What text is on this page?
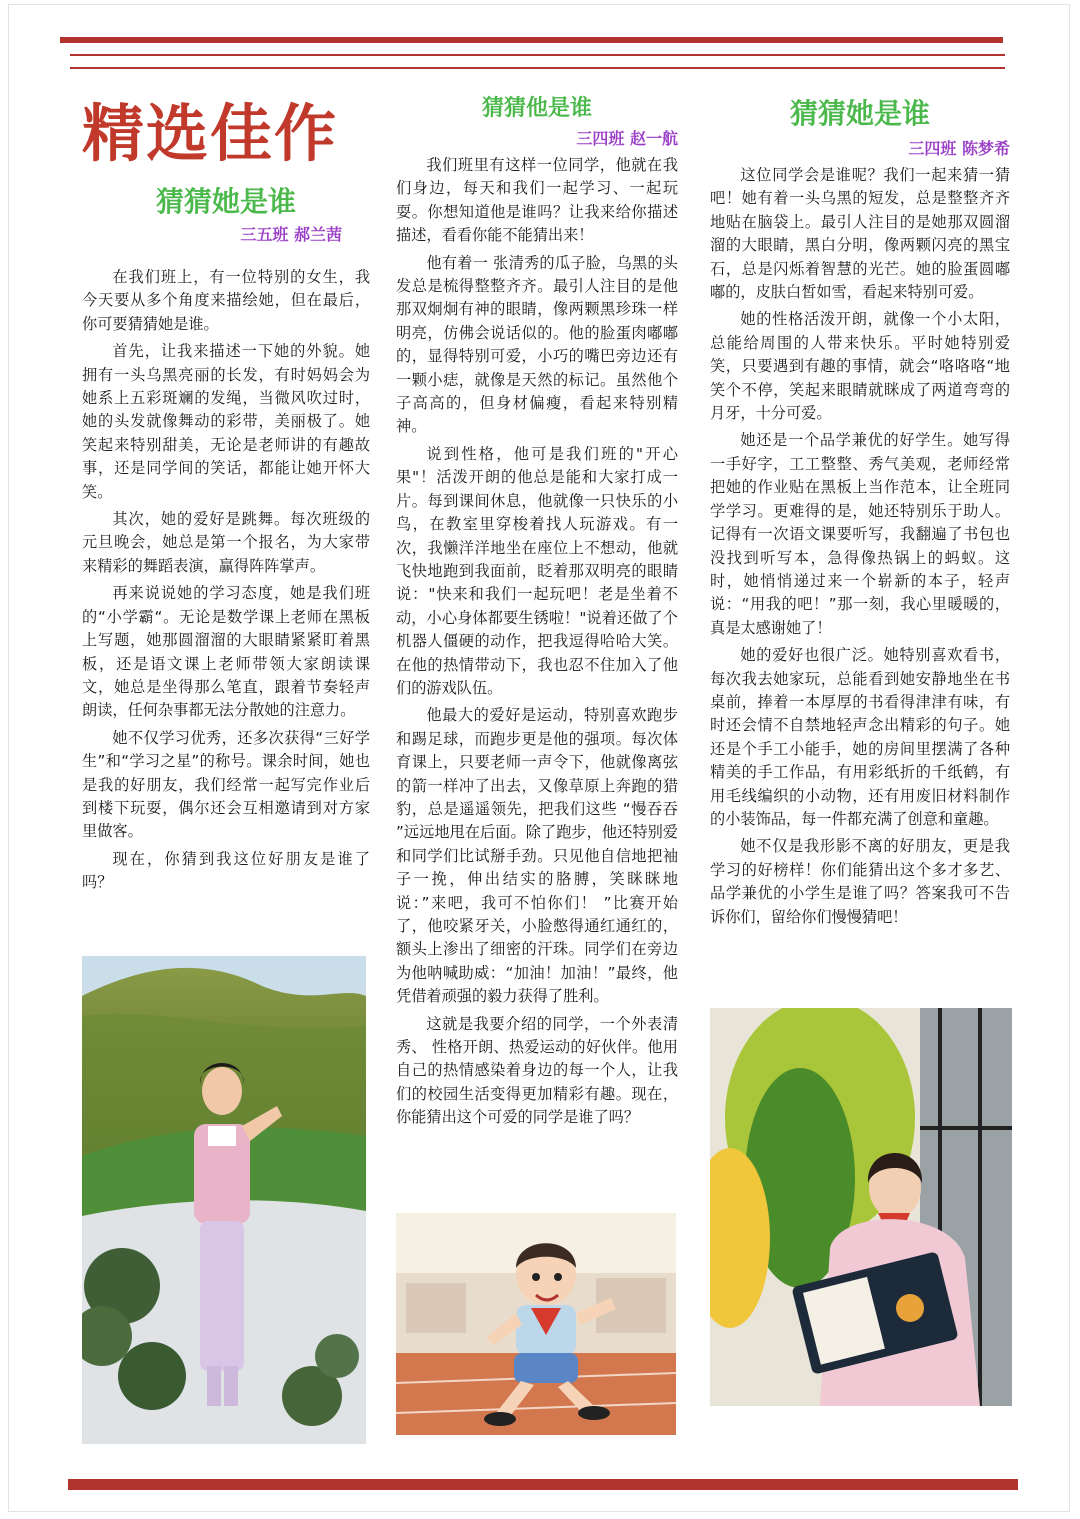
精选佳作
猜猜她是谁
三五班 郝兰茜

在我们班上，有一位特别的女生，我今天要从多个角度来描绘她，但在最后，你可要猜猜她是谁。

首先，让我来描述一下她的外貌。她拥有一头乌黑亮丽的长发，有时妈妈会为她系上五彩斑斓的发绳，当微风吹过时，她的头发就像舞动的彩带，美丽极了。她笑起来特别甜美，无论是老师讲的有趣故事，还是同学间的笑话，都能让她开怀大笑。

其次，她的爱好是跳舞。每次班级的元旦晚会，她总是第一个报名，为大家带来精彩的舞蹈表演，赢得阵阵掌声。

再来说说她的学习态度，她是我们班的“小学霸“。无论是数学课上老师在黑板上写题，她那圆溜溜的大眼睛紧紧盯着黑板，还是语文课上老师带领大家朗读课文，她总是坐得那么笔直，跟着节奏轻声朗读，任何杂事都无法分散她的注意力。

她不仅学习优秀，还多次获得“三好学生”和“学习之星”的称号。课余时间，她也是我的好朋友，我们经常一起写完作业后到楼下玩耍，偶尔还会互相邀请到对方家里做客。

现在，你猜到我这位好朋友是谁了吗？

猜猜他是谁
三四班 赵一航

我们班里有这样一位同学，他就在我们身边，每天和我们一起学习、一起玩耍。你想知道他是谁吗？让我来给你描述描述，看看你能不能猜出来！

他有着一 张清秀的瓜子脸，乌黑的头发总是梳得整整齐齐。最引人注目的是他那双炯炯有神的眼睛，像两颗黑珍珠一样明亮，仿佛会说话似的。他的脸蛋肉嘟嘟的，显得特别可爱，小巧的嘴巴旁边还有一颗小痣，就像是天然的标记。虽然他个子高高的，但身材偏瘦，看起来特别精神。

说到性格，他可是我们班的"开心果"！活泼开朗的他总是能和大家打成一片。每到课间休息，他就像一只快乐的小鸟，在教室里穿梭着找人玩游戏。有一次，我懒洋洋地坐在座位上不想动，他就飞快地跑到我面前，眨着那双明亮的眼睛说："快来和我们一起玩吧！老是坐着不动，小心身体都要生锈啦！"说着还做了个机器人僵硬的动作，把我逗得哈哈大笑。在他的热情带动下，我也忍不住加入了他们的游戏队伍。

他最大的爱好是运动，特别喜欢跑步和踢足球，而跑步更是他的强项。每次体育课上，只要老师一声令下，他就像离弦的箭一样冲了出去，又像草原上奔跑的猎豹，总是遥遥领先，把我们这些 “慢吞吞 ”远远地甩在后面。除了跑步，他还特别爱和同学们比试掰手劲。只见他自信地把袖子一挽，伸出结实的胳膊，笑眯眯地说：”来吧，我可不怕你们！ ”比赛开始了，他咬紧牙关，小脸憋得通红通红的，额头上渗出了细密的汗珠。同学们在旁边为他呐喊助威：“加油！加油！”最终，他凭借着顽强的毅力获得了胜利。

这就是我要介绍的同学，一个外表清秀、 性格开朗、热爱运动的好伙伴。他用自己的热情感染着身边的每一个人，让我们的校园生活变得更加精彩有趣。现在，你能猜出这个可爱的同学是谁了吗？

猜猜她是谁
三四班 陈梦希

这位同学会是谁呢？我们一起来猜一猜吧！她有着一头乌黑的短发，总是整整齐齐地贴在脑袋上。最引人注目的是她那双圆溜溜的大眼睛，黑白分明，像两颗闪亮的黑宝石，总是闪烁着智慧的光芒。她的脸蛋圆嘟嘟的，皮肤白皙如雪，看起来特别可爱。

她的性格活泼开朗，就像一个小太阳，总能给周围的人带来快乐。平时她特别爱笑，只要遇到有趣的事情，就会“咯咯咯“地笑个不停，笑起来眼睛就眯成了两道弯弯的月牙，十分可爱。

她还是一个品学兼优的好学生。她写得一手好字，工工整整、秀气美观，老师经常把她的作业贴在黑板上当作范本，让全班同学学习。更难得的是，她还特别乐于助人。记得有一次语文课要听写，我翻遍了书包也没找到听写本，急得像热锅上的蚂蚁。这时，她悄悄递过来一个崭新的本子，轻声说：“用我的吧！”那一刻，我心里暖暖的，真是太感谢她了！

她的爱好也很广泛。她特别喜欢看书，每次我去她家玩，总能看到她安静地坐在书桌前，捧着一本厚厚的书看得津津有味，有时还会情不自禁地轻声念出精彩的句子。她还是个手工小能手，她的房间里摆满了各种精美的手工作品，有用彩纸折的千纸鹤，有用毛线编织的小动物，还有用废旧材料制作的小装饰品，每一件都充满了创意和童趣。

她不仅是我形影不离的好朋友，更是我学习的好榜样！你们能猜出这个多才多艺、品学兼优的小学生是谁了吗？答案我可不告诉你们，留给你们慢慢猜吧！
